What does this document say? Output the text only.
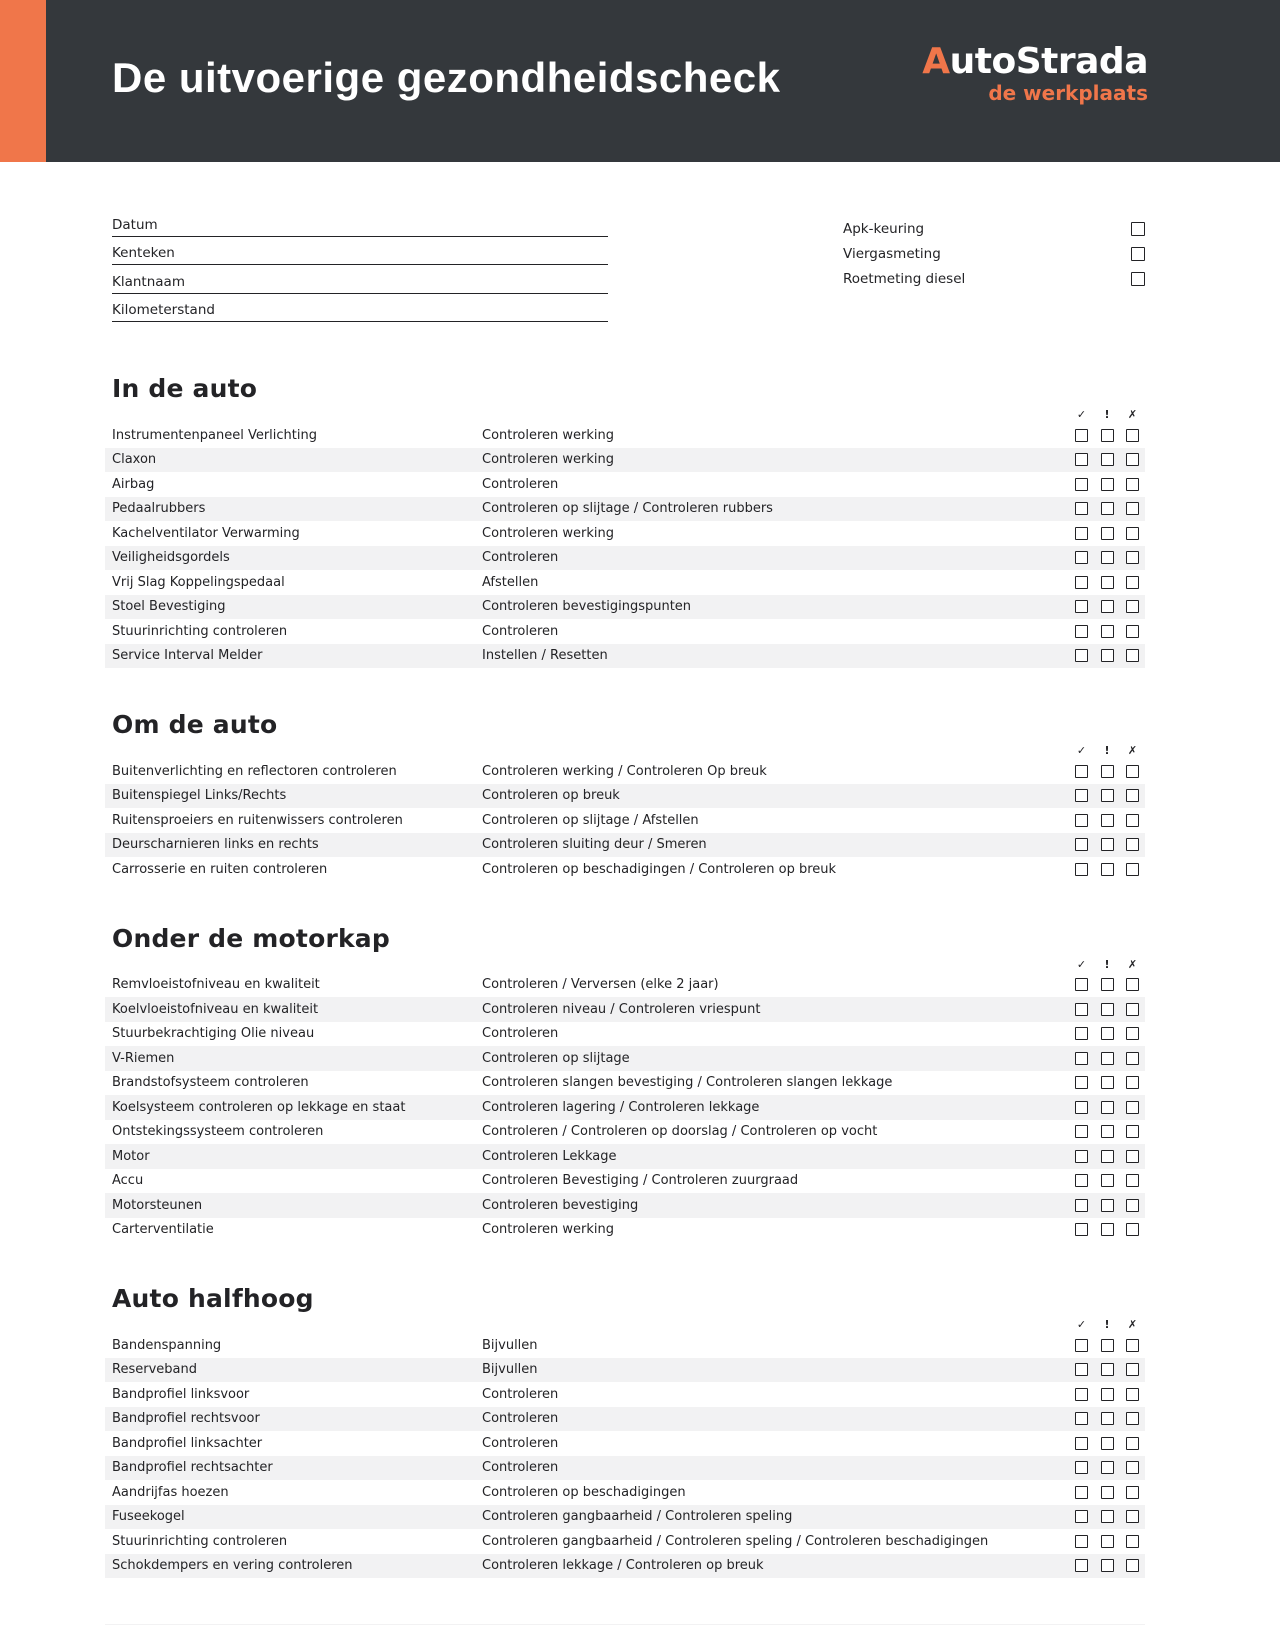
De uitvoerige gezondheidscheck	AutoStrada
de werkplaats
Datum
Kenteken
Klantnaam
Kilometerstand
Apk-keuring
Viergasmeting
Roetmeting diesel
In de auto
✓	!	✗
Instrumentenpaneel Verlichting	Controleren werking
Claxon	Controleren werking
Airbag	Controleren
Pedaalrubbers	Controleren op slijtage / Controleren rubbers
Kachelventilator Verwarming	Controleren werking
Veiligheidsgordels	Controleren
Vrij Slag Koppelingspedaal	Afstellen
Stoel Bevestiging	Controleren bevestigingspunten
Stuurinrichting controleren	Controleren
Service Interval Melder	Instellen / Resetten
Om de auto
✓	!	✗
Buitenverlichting en reflectoren controleren	Controleren werking / Controleren Op breuk
Buitenspiegel Links/Rechts	Controleren op breuk
Ruitensproeiers en ruitenwissers controleren	Controleren op slijtage / Afstellen
Deurscharnieren links en rechts	Controleren sluiting deur / Smeren
Carrosserie en ruiten controleren	Controleren op beschadigingen / Controleren op breuk
Onder de motorkap
✓	!	✗
Remvloeistofniveau en kwaliteit	Controleren / Verversen (elke 2 jaar)
Koelvloeistofniveau en kwaliteit	Controleren niveau / Controleren vriespunt
Stuurbekrachtiging Olie niveau	Controleren
V-Riemen	Controleren op slijtage
Brandstofsysteem controleren	Controleren slangen bevestiging / Controleren slangen lekkage
Koelsysteem controleren op lekkage en staat	Controleren lagering / Controleren lekkage
Ontstekingssysteem controleren	Controleren / Controleren op doorslag / Controleren op vocht
Motor	Controleren Lekkage
Accu	Controleren Bevestiging / Controleren zuurgraad
Motorsteunen	Controleren bevestiging
Carterventilatie	Controleren werking
Auto halfhoog
✓	!	✗
Bandenspanning	Bijvullen
Reserveband	Bijvullen
Bandprofiel linksvoor	Controleren
Bandprofiel rechtsvoor	Controleren
Bandprofiel linksachter	Controleren
Bandprofiel rechtsachter	Controleren
Aandrijfas hoezen	Controleren op beschadigingen
Fuseekogel	Controleren gangbaarheid / Controleren speling
Stuurinrichting controleren	Controleren gangbaarheid / Controleren speling / Controleren beschadigingen
Schokdempers en vering controleren	Controleren lekkage / Controleren op breuk
